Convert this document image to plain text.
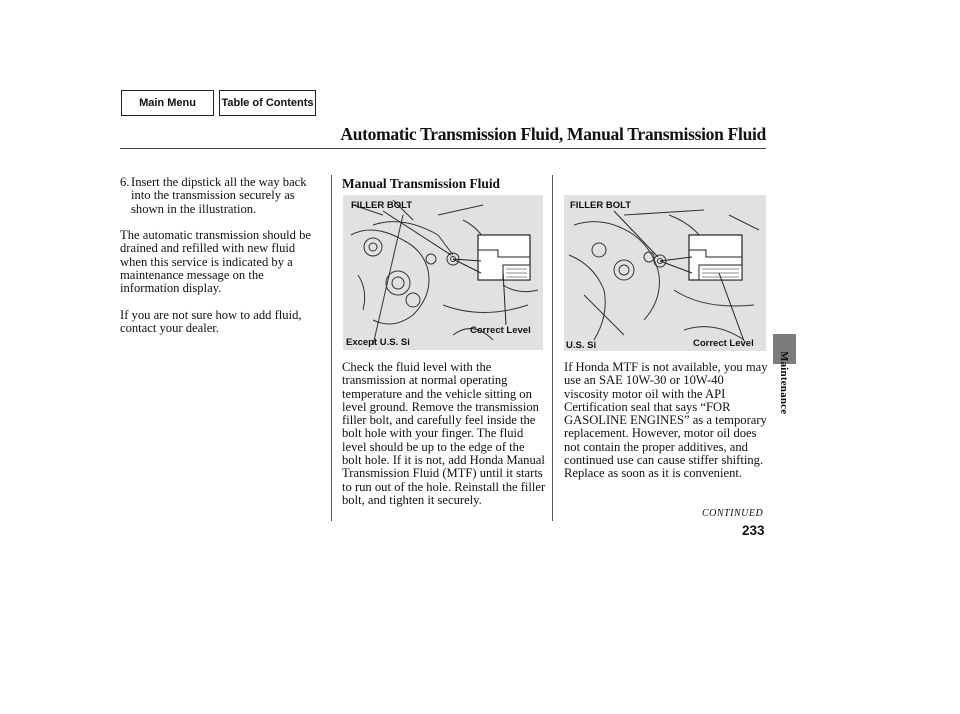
Main Menu	Table of Contents
Automatic Transmission Fluid, Manual Transmission Fluid
6. Insert the dipstick all the way back
into the transmission securely as shown in the illustration.

The automatic transmission should be drained and refilled with new fluid when this service is indicated by a maintenance message on the information display.

If you are not sure how to add fluid, contact your dealer.

Manual Transmission Fluid
FILLER BOLT
Correct Level
Except U.S. Si

Check the fluid level with the transmission at normal operating temperature and the vehicle sitting on level ground. Remove the transmission filler bolt, and carefully feel inside the bolt hole with your finger. The fluid level should be up to the edge of the bolt hole. If it is not, add Honda Manual Transmission Fluid (MTF) until it starts to run out of the hole. Reinstall the filler bolt, and tighten it securely.

FILLER BOLT
Correct Level
U.S. Si

If Honda MTF is not available, you may use an SAE 10W-30 or 10W-40 viscosity motor oil with the API Certification seal that says “FOR GASOLINE ENGINES” as a temporary replacement. However, motor oil does not contain the proper additives, and continued use can cause stiffer shifting. Replace as soon as it is convenient.

CONTINUED
233
Maintenance
